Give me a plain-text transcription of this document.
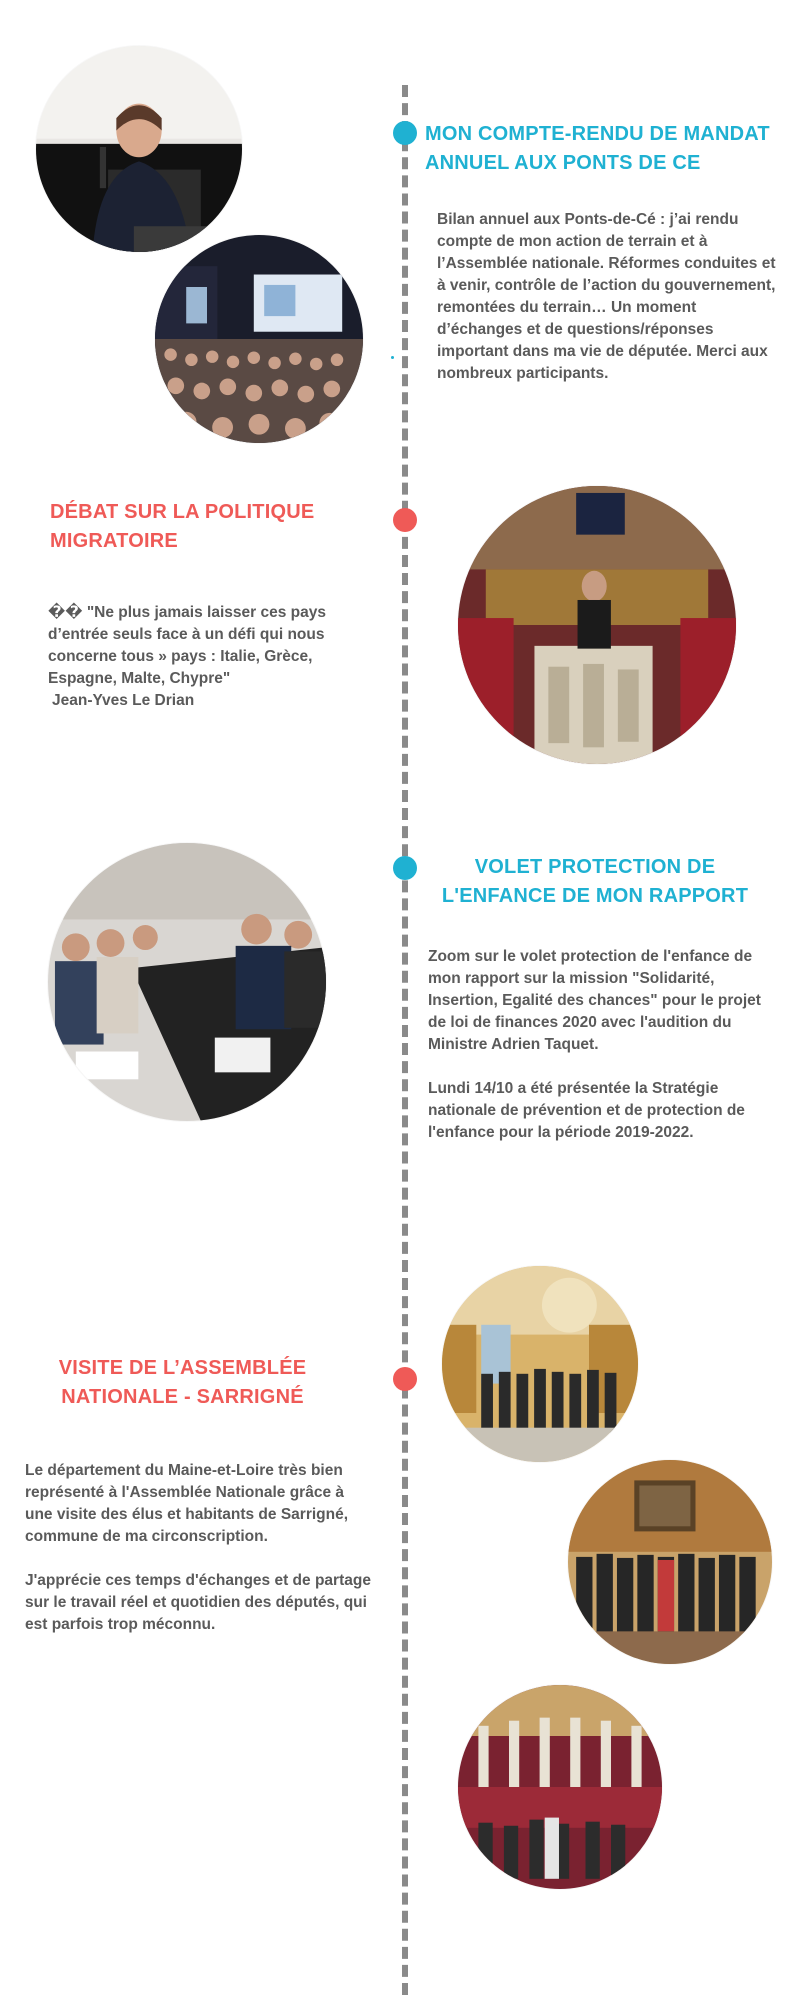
MON COMPTE-RENDU DE MANDAT
ANNUEL AUX PONTS DE CE

Bilan annuel aux Ponts-de-Cé : j’ai rendu compte de mon action de terrain et à l’Assemblée nationale. Réformes conduites et à venir, contrôle de l’action du gouvernement, remontées du terrain… Un moment d’échanges et de questions/réponses important dans ma vie de députée. Merci aux nombreux participants.

DÉBAT SUR LA POLITIQUE
MIGRATOIRE

�� "Ne plus jamais laisser ces pays d’entrée seuls face à un défi qui nous concerne tous » pays : Italie, Grèce, Espagne, Malte, Chypre"

Jean-Yves Le Drian

VOLET PROTECTION DE
L'ENFANCE DE MON RAPPORT

Zoom sur le volet protection de l'enfance de mon rapport sur la mission "Solidarité, Insertion, Egalité des chances" pour le projet de loi de finances 2020 avec l'audition du Ministre Adrien Taquet.

Lundi 14/10 a été présentée la Stratégie nationale de prévention et de protection de l'enfance pour la période 2019-2022.

VISITE DE L’ASSEMBLÉE
NATIONALE - SARRIGNÉ

Le département du Maine-et-Loire très bien représenté à l'Assemblée Nationale grâce à une visite des élus et habitants de Sarrigné, commune de ma circonscription.

J'apprécie ces temps d'échanges et de partage sur le travail réel et quotidien des députés, qui est parfois trop méconnu.
